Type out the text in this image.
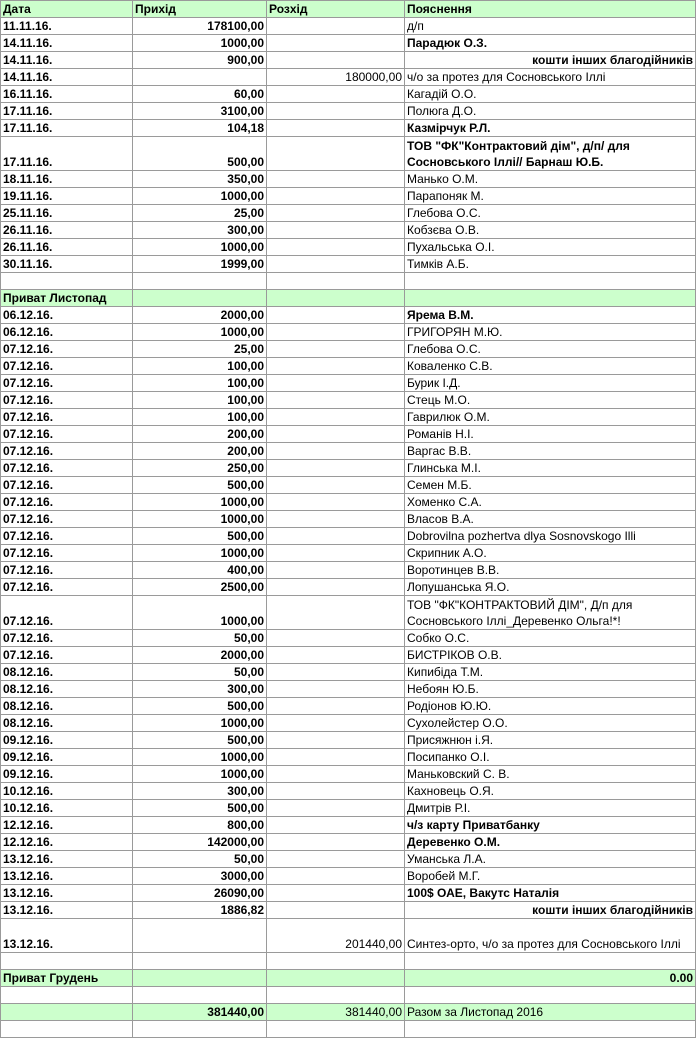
Дата	Прихід	Розхід	Пояснення
11.11.16.	178100,00		д/п
14.11.16.	1000,00		Парадюк О.З.
14.11.16.	900,00		кошти інших благодійників
14.11.16.		180000,00	ч/о за протез для Сосновського Іллі
16.11.16.	60,00		Кагадій О.О.
17.11.16.	3100,00		Полюга Д.О.
17.11.16.	104,18		Казмірчук Р.Л.
17.11.16.	500,00		ТОВ "ФК"Контрактовий дім", д/п/ для Сосновського Іллі// Барнаш Ю.Б.
18.11.16.	350,00		Манько О.М.
19.11.16.	1000,00		Парапоняк М.
25.11.16.	25,00		Глебова О.С.
26.11.16.	300,00		Кобзєва О.В.
26.11.16.	1000,00		Пухальська О.І.
30.11.16.	1999,00		Тимків А.Б.

Приват Листопад			
06.12.16.	2000,00		Ярема В.М.
06.12.16.	1000,00		ГРИГОРЯН М.Ю.
07.12.16.	25,00		Глебова О.С.
07.12.16.	100,00		Коваленко С.В.
07.12.16.	100,00		Бурик І.Д.
07.12.16.	100,00		Стець М.О.
07.12.16.	100,00		Гаврилюк О.М.
07.12.16.	200,00		Романів Н.І.
07.12.16.	200,00		Варгас В.В.
07.12.16.	250,00		Глинська М.І.
07.12.16.	500,00		Семен М.Б.
07.12.16.	1000,00		Хоменко С.А.
07.12.16.	1000,00		Власов В.А.
07.12.16.	500,00		Dobrovilna pozhertva dlya Sosnovskogo Illi
07.12.16.	1000,00		Скрипник А.О.
07.12.16.	400,00		Воротинцев В.В.
07.12.16.	2500,00		Лопушанська Я.О.
07.12.16.	1000,00		ТОВ "ФК"КОНТРАКТОВИЙ ДІМ", Д/п для Сосновського Іллі_Деревенко Ольга!*!
07.12.16.	50,00		Собко О.С.
07.12.16.	2000,00		БИСТРІКОВ О.В.
08.12.16.	50,00		Кипибіда Т.М.
08.12.16.	300,00		Небоян Ю.Б.
08.12.16.	500,00		Родіонов Ю.Ю.
08.12.16.	1000,00		Сухолейстер О.О.
09.12.16.	500,00		Присяжнюн і.Я.
09.12.16.	1000,00		Посипанко О.І.
09.12.16.	1000,00		Маньковский С. В.
10.12.16.	300,00		Кахновець О.Я.
10.12.16.	500,00		Дмитрів Р.І.
12.12.16.	800,00		ч/з карту Приватбанку
12.12.16.	142000,00		Деревенко О.М.
13.12.16.	50,00		Уманська Л.А.
13.12.16.	3000,00		Воробей М.Г.
13.12.16.	26090,00		100$ ОАЕ, Вакутс Наталія
13.12.16.	1886,82		кошти інших благодійників
13.12.16.		201440,00	Синтез-орто, ч/о за протез для Сосновського Іллі

Приват Грудень			0.00

	381440,00	381440,00	Разом за Листопад 2016
